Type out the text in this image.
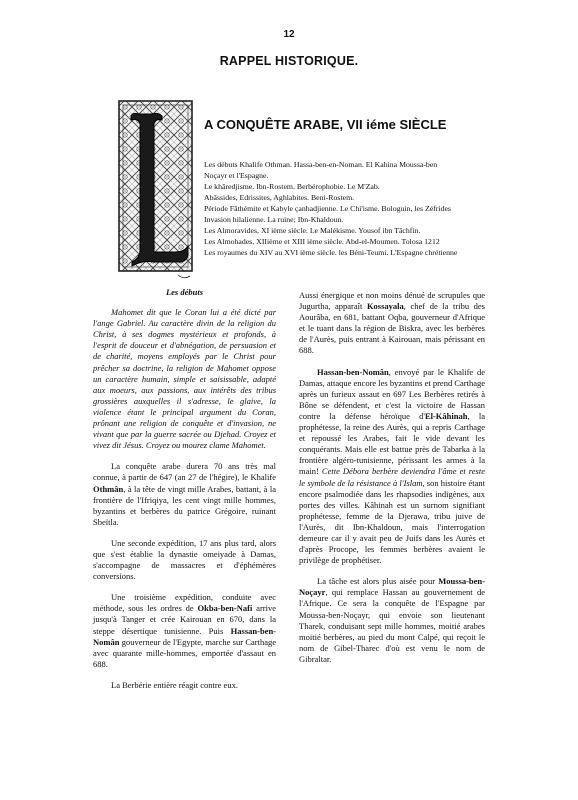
12
RAPPEL HISTORIQUE.
A CONQUÊTE ARABE, VII iéme SIÈCLE
Les débuts Khalife Othman. Hassa-ben-en-Noman. El Kahina Moussa-ben
Noçayr et l'Espagne.
Le khâredjisme. Ibn-Rostem. Berbérophobie. Le M'Zab.
Abâssides, Edrissites, Aghlabites. Beni-Rostem.
Période Fâthémite et Kabyle çanhadjienne. Le Chi'isme. Bologuin, les Zéfrides
Invasion hilalienne. La ruine; Ibn-Khaldoun.
Les Almoravides, XI ième siècle. Le Malékisme. Yousof ibn Tâchfin.
Les Almohades, XIIième et XIII ième siècle. Abd-el-Moumen. Tolosa 1212
Les royaumes du XIV au XVI ième siècle. les Béni-Teumi. L'Espagne chrétienne

Les débuts

Mahomet dit que le Coran lui a été dicté par l'ange Gabriel. Au caractère divin de la religion du Christ, à ses dogmes mystérieux et profonds, à l'esprit de douceur et d'abnégation, de persuasion et de charité, moyens employés par le Christ pour prêcher sa doctrine, la religion de Mahomet oppose un caractère humain, simple et saisissable, adapté aux moeurs, aux passions, aux intérêts des tribus grossières auxquelles il s'adresse, le glaive, la violence étant le principal argument du Coran, prônant une religion de conquête et d'invasion, ne vivant que par la guerre sacrée ou Djehad. Croyez et vivez dit Jésus. Croyez ou mourez clame Mahomet.

La conquête arabe durera 70 ans très mal connue, à partir de 647 (an 27 de l'hégire), le Khalife Othmân, à la tête de vingt mille Arabes, battant, à la frontière de l'Ifriqiya, les cent vingt mille hommes, byzantins et berbères du patrice Grégoire, ruinant Sbeïtla.

Une seconde expédition, 17 ans plus tard, alors que s'est établie la dynastie omeiyade à Damas, s'accompagne de massacres et d'éphémères conversions.

Une troisième expédition, conduite avec méthode, sous les ordres de Okba-ben-Nafi arrive jusqu'à Tanger et crée Kairouan en 670, dans la steppe désertique tunisienne. Puis Hassan-ben-Nomân gouverneur de l'Egypte, marche sur Carthage avec quarante mille-hommes, emportée d'assaut en 688.

La Berbérie entière réagit contre eux.

Aussi énergique et non moins dénué de scrupules que Jugurtha, apparaît Kossayala, chef de la tribu des Aourâba, en 681, battant Oqba, gouverneur d'Afrique et le tuant dans la région de Biskra, avec les berbères de l'Aurès, puis entrant à Kairouan, mais périssant en 688.

Hassan-ben-Nomân, envoyé par le Khalife de Damas, attaque encore les byzantins et prend Carthage après un furieux assaut en 697 Les Berbères retirés à Bône se défendent, et c'est la victoire de Hassan contre la défense héroïque d'El-Kâhinah, la prophétesse, la reine des Aurès, qui a repris Carthage et repoussé les Arabes, fait le vide devant les conquérants. Mais elle est battue près de Tabarka à la frontière algéro-tunisienne, périssant les armes à la main! Cette Débora berbère deviendra l'âme et reste le symbole de la résistance à l'Islam, son histoire étant encore psalmodiée dans les rhapsodies indigènes, aux portes des villes. Kâhinah est un surnom signifiant prophétesse, femme de la Djerawa, tribu juive de l'Aurès, dit Ibn-Khaldoun, mais l'interrogation demeure car il y avait peu de Juifs dans les Aurès et d'après Procope, les femmes berbères avaient le privilège de prophétiser.

La tâche est alors plus aisée pour Moussa-ben-Noçayr, qui remplace Hassan au gouvernement de l'Afrique. Ce sera la conquête de l'Espagne par Moussa-ben-Noçayr, qui envoie son lieutenant Tharek, conduisant sept mille hommes, moitié arabes moitié berbères, au pied du mont Calpé, qui reçoit le nom de Gibel-Tharec d'où est venu le nom de Gibraltar.
